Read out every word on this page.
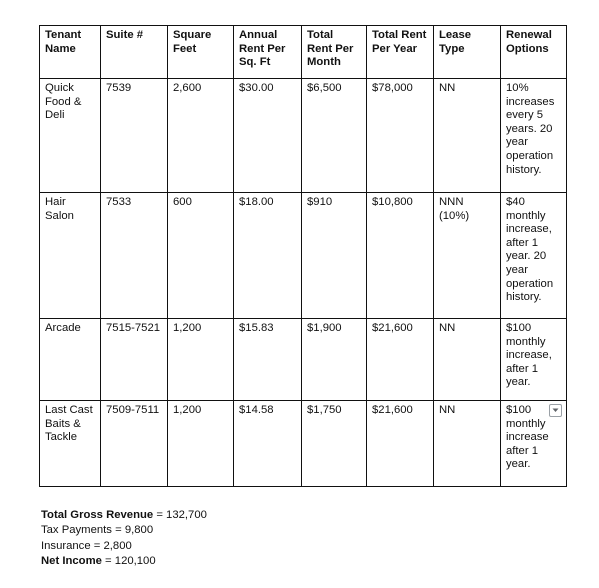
Tenant Name	Suite #	Square Feet	Annual Rent Per Sq. Ft	Total Rent Per Month	Total Rent Per Year	Lease Type	Renewal Options
Quick Food & Deli	7539	2,600	$30.00	$6,500	$78,000	NN	10% increases every 5 years. 20 year operation history.
Hair Salon	7533	600	$18.00	$910	$10,800	NNN (10%)	$40 monthly increase, after 1 year. 20 year operation history.
Arcade	7515-7521	1,200	$15.83	$1,900	$21,600	NN	$100 monthly increase, after 1 year.
Last Cast Baits & Tackle	7509-7511	1,200	$14.58	$1,750	$21,600	NN	$100 monthly increase after 1 year.
Total Gross Revenue = 132,700
Tax Payments = 9,800
Insurance = 2,800
Net Income = 120,100
